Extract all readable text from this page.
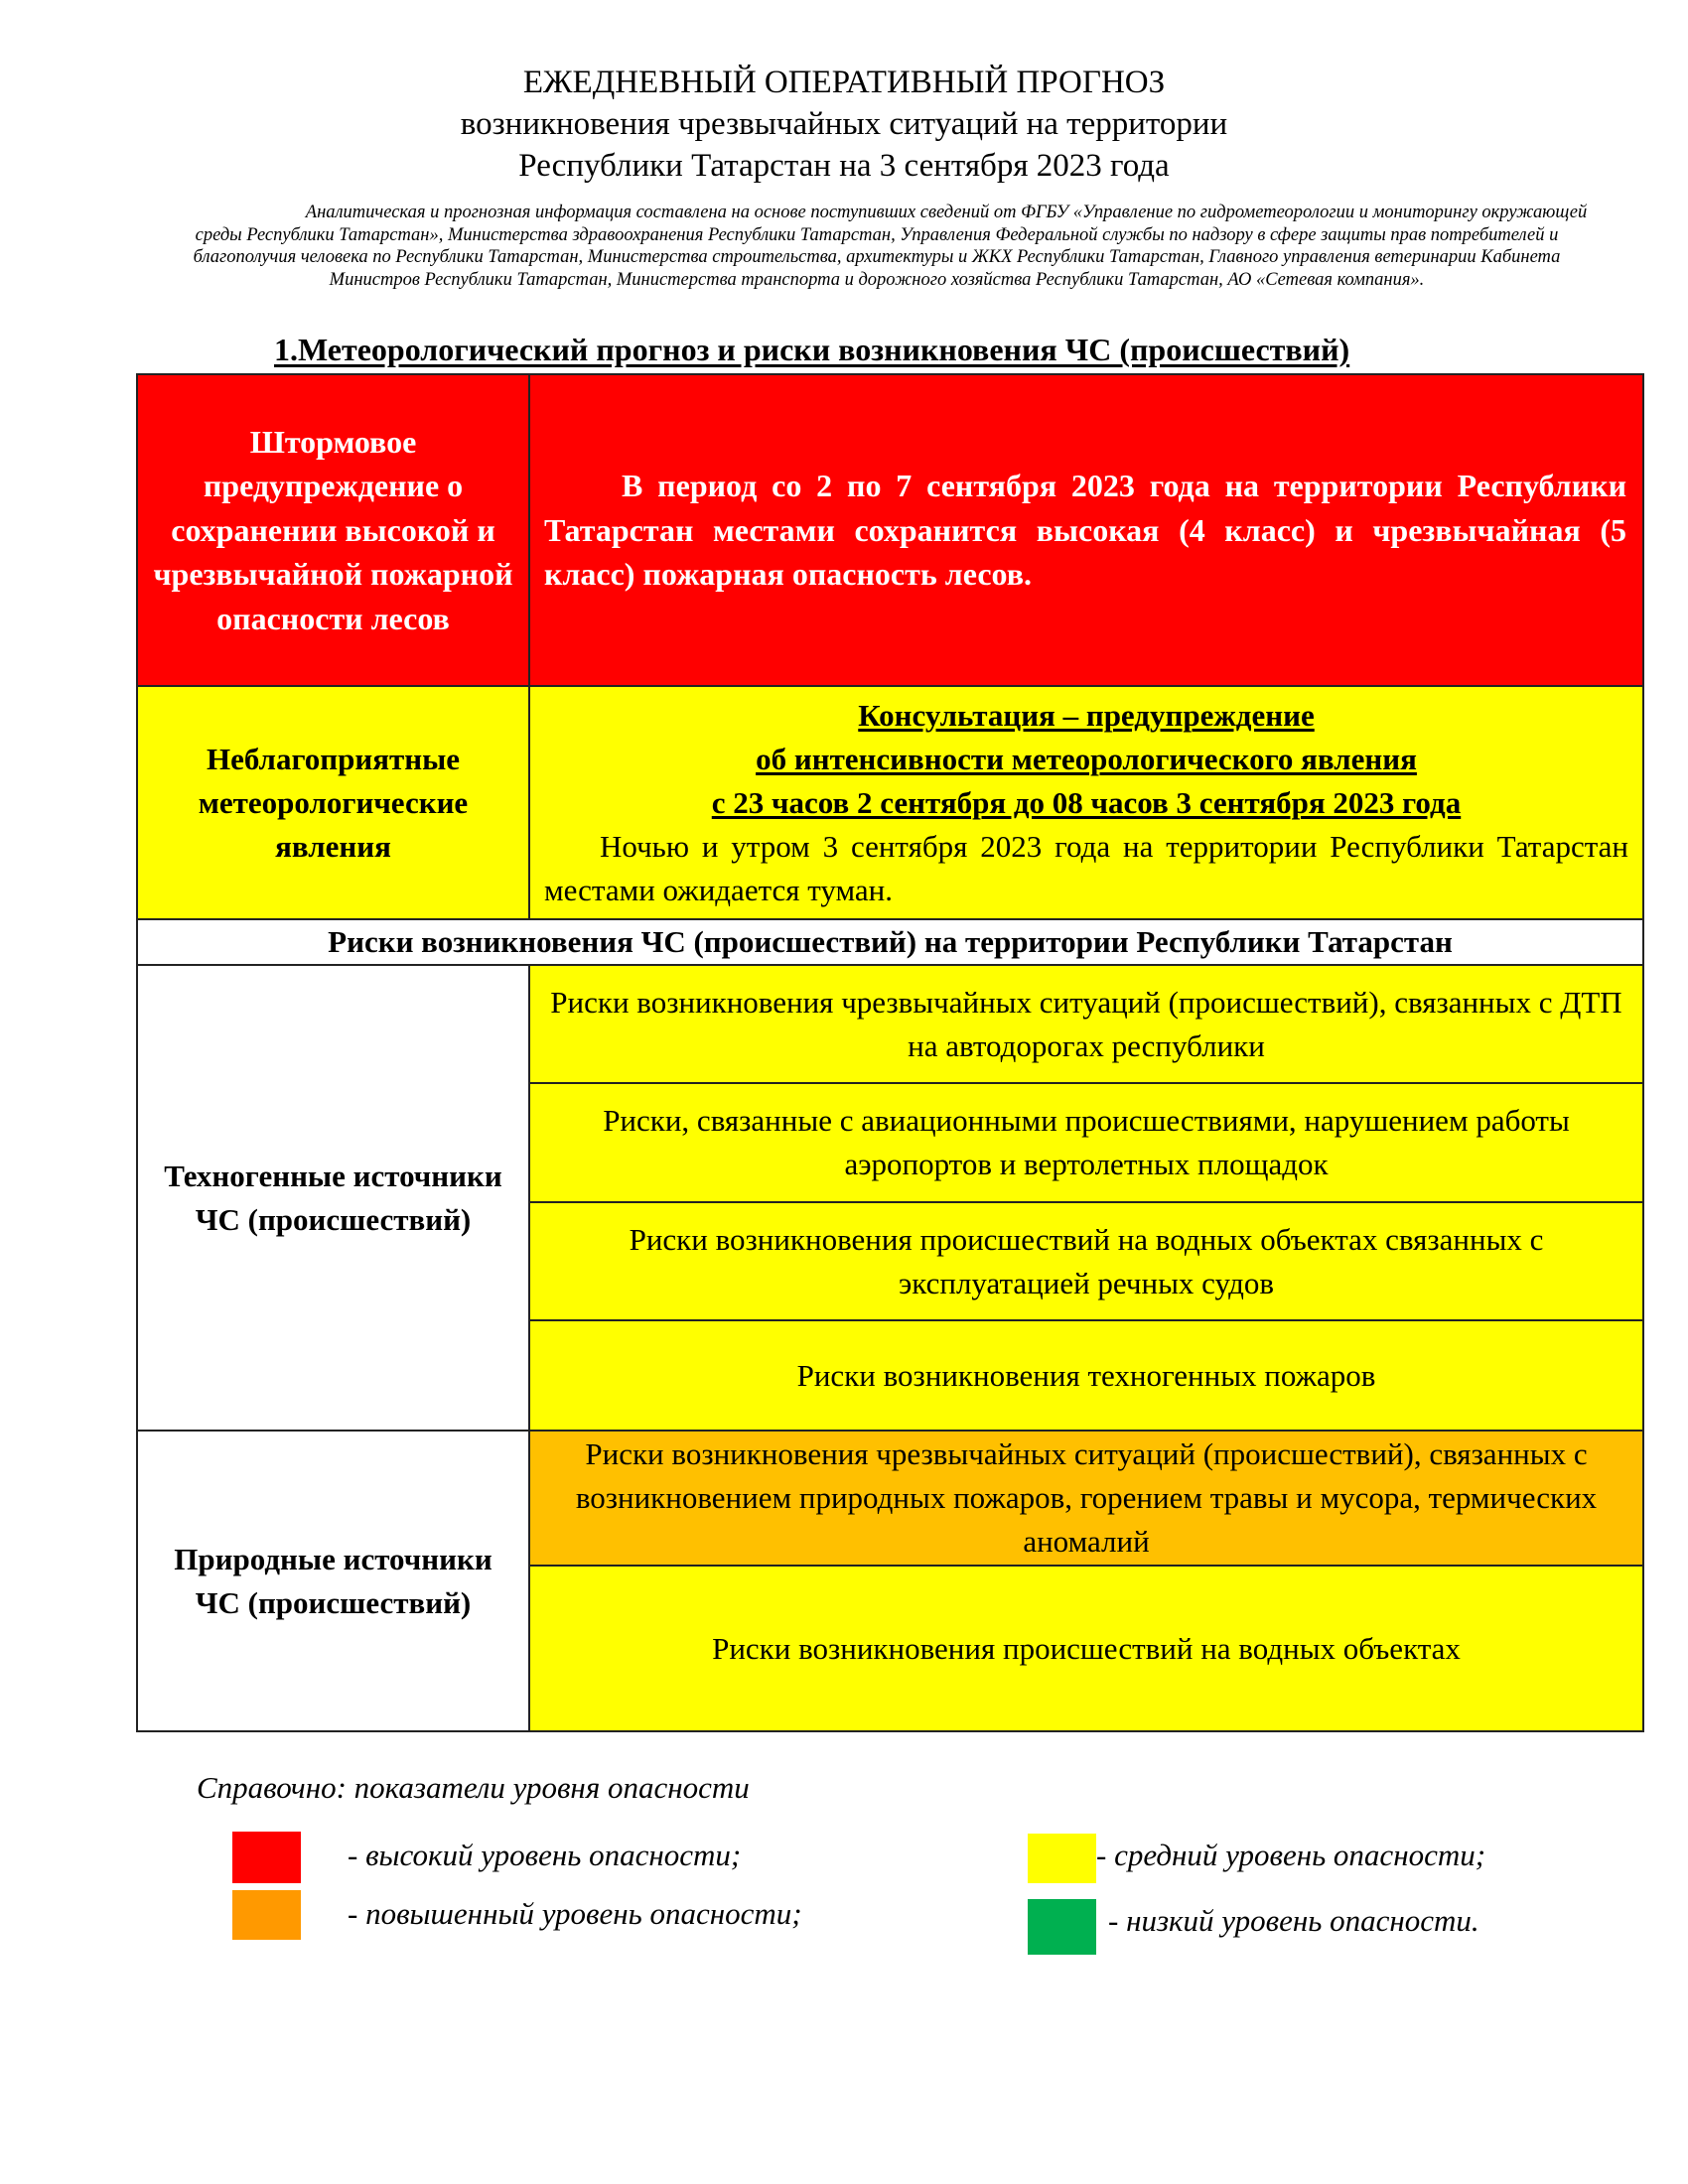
ЕЖЕДНЕВНЫЙ ОПЕРАТИВНЫЙ ПРОГНОЗ
возникновения чрезвычайных ситуаций на территории
Республики Татарстан на 3 сентября 2023 года
Аналитическая и прогнозная информация составлена на основе поступивших сведений от ФГБУ «Управление по гидрометеорологии и мониторингу окружающей среды Республики Татарстан», Министерства здравоохранения Республики Татарстан, Управления Федеральной службы по надзору в сфере защиты прав потребителей и благополучия человека по Республики Татарстан, Министерства строительства, архитектуры и ЖКХ Республики Татарстан, Главного управления ветеринарии Кабинета Министров Республики Татарстан, Министерства транспорта и дорожного хозяйства Республики Татарстан, АО «Сетевая компания».
1.Метеорологический прогноз и риски возникновения ЧС (происшествий)
Штормовое предупреждение о сохранении высокой и чрезвычайной пожарной опасности лесов	В период со 2 по 7 сентября 2023 года на территории Республики Татарстан местами сохранится высокая (4 класс) и чрезвычайная (5 класс) пожарная опасность лесов.
Неблагоприятные метеорологические явления	Консультация – предупреждение
об интенсивности метеорологического явления
с 23 часов 2 сентября до 08 часов 3 сентября 2023 года
Ночью и утром 3 сентября 2023 года на территории Республики Татарстан местами ожидается туман.

Риски возникновения ЧС (происшествий) на территории Республики Татарстан	
Техногенные источники ЧС (происшествий)	Риски возникновения чрезвычайных ситуаций (происшествий), связанных с ДТП на автодорогах республики
	Риски, связанные с авиационными происшествиями, нарушением работы аэропортов и вертолетных площадок
	Риски возникновения происшествий на водных объектах связанных с эксплуатацией речных судов
	Риски возникновения техногенных пожаров
Природные источники ЧС (происшествий)	Риски возникновения чрезвычайных ситуаций (происшествий), связанных с возникновением природных пожаров, горением травы и мусора, термических аномалий
	Риски возникновения происшествий на водных объектах
Справочно: показатели уровня опасности
- высокий уровень опасности;
- повышенный уровень опасности;
- средний уровень опасности;
- низкий уровень опасности.
